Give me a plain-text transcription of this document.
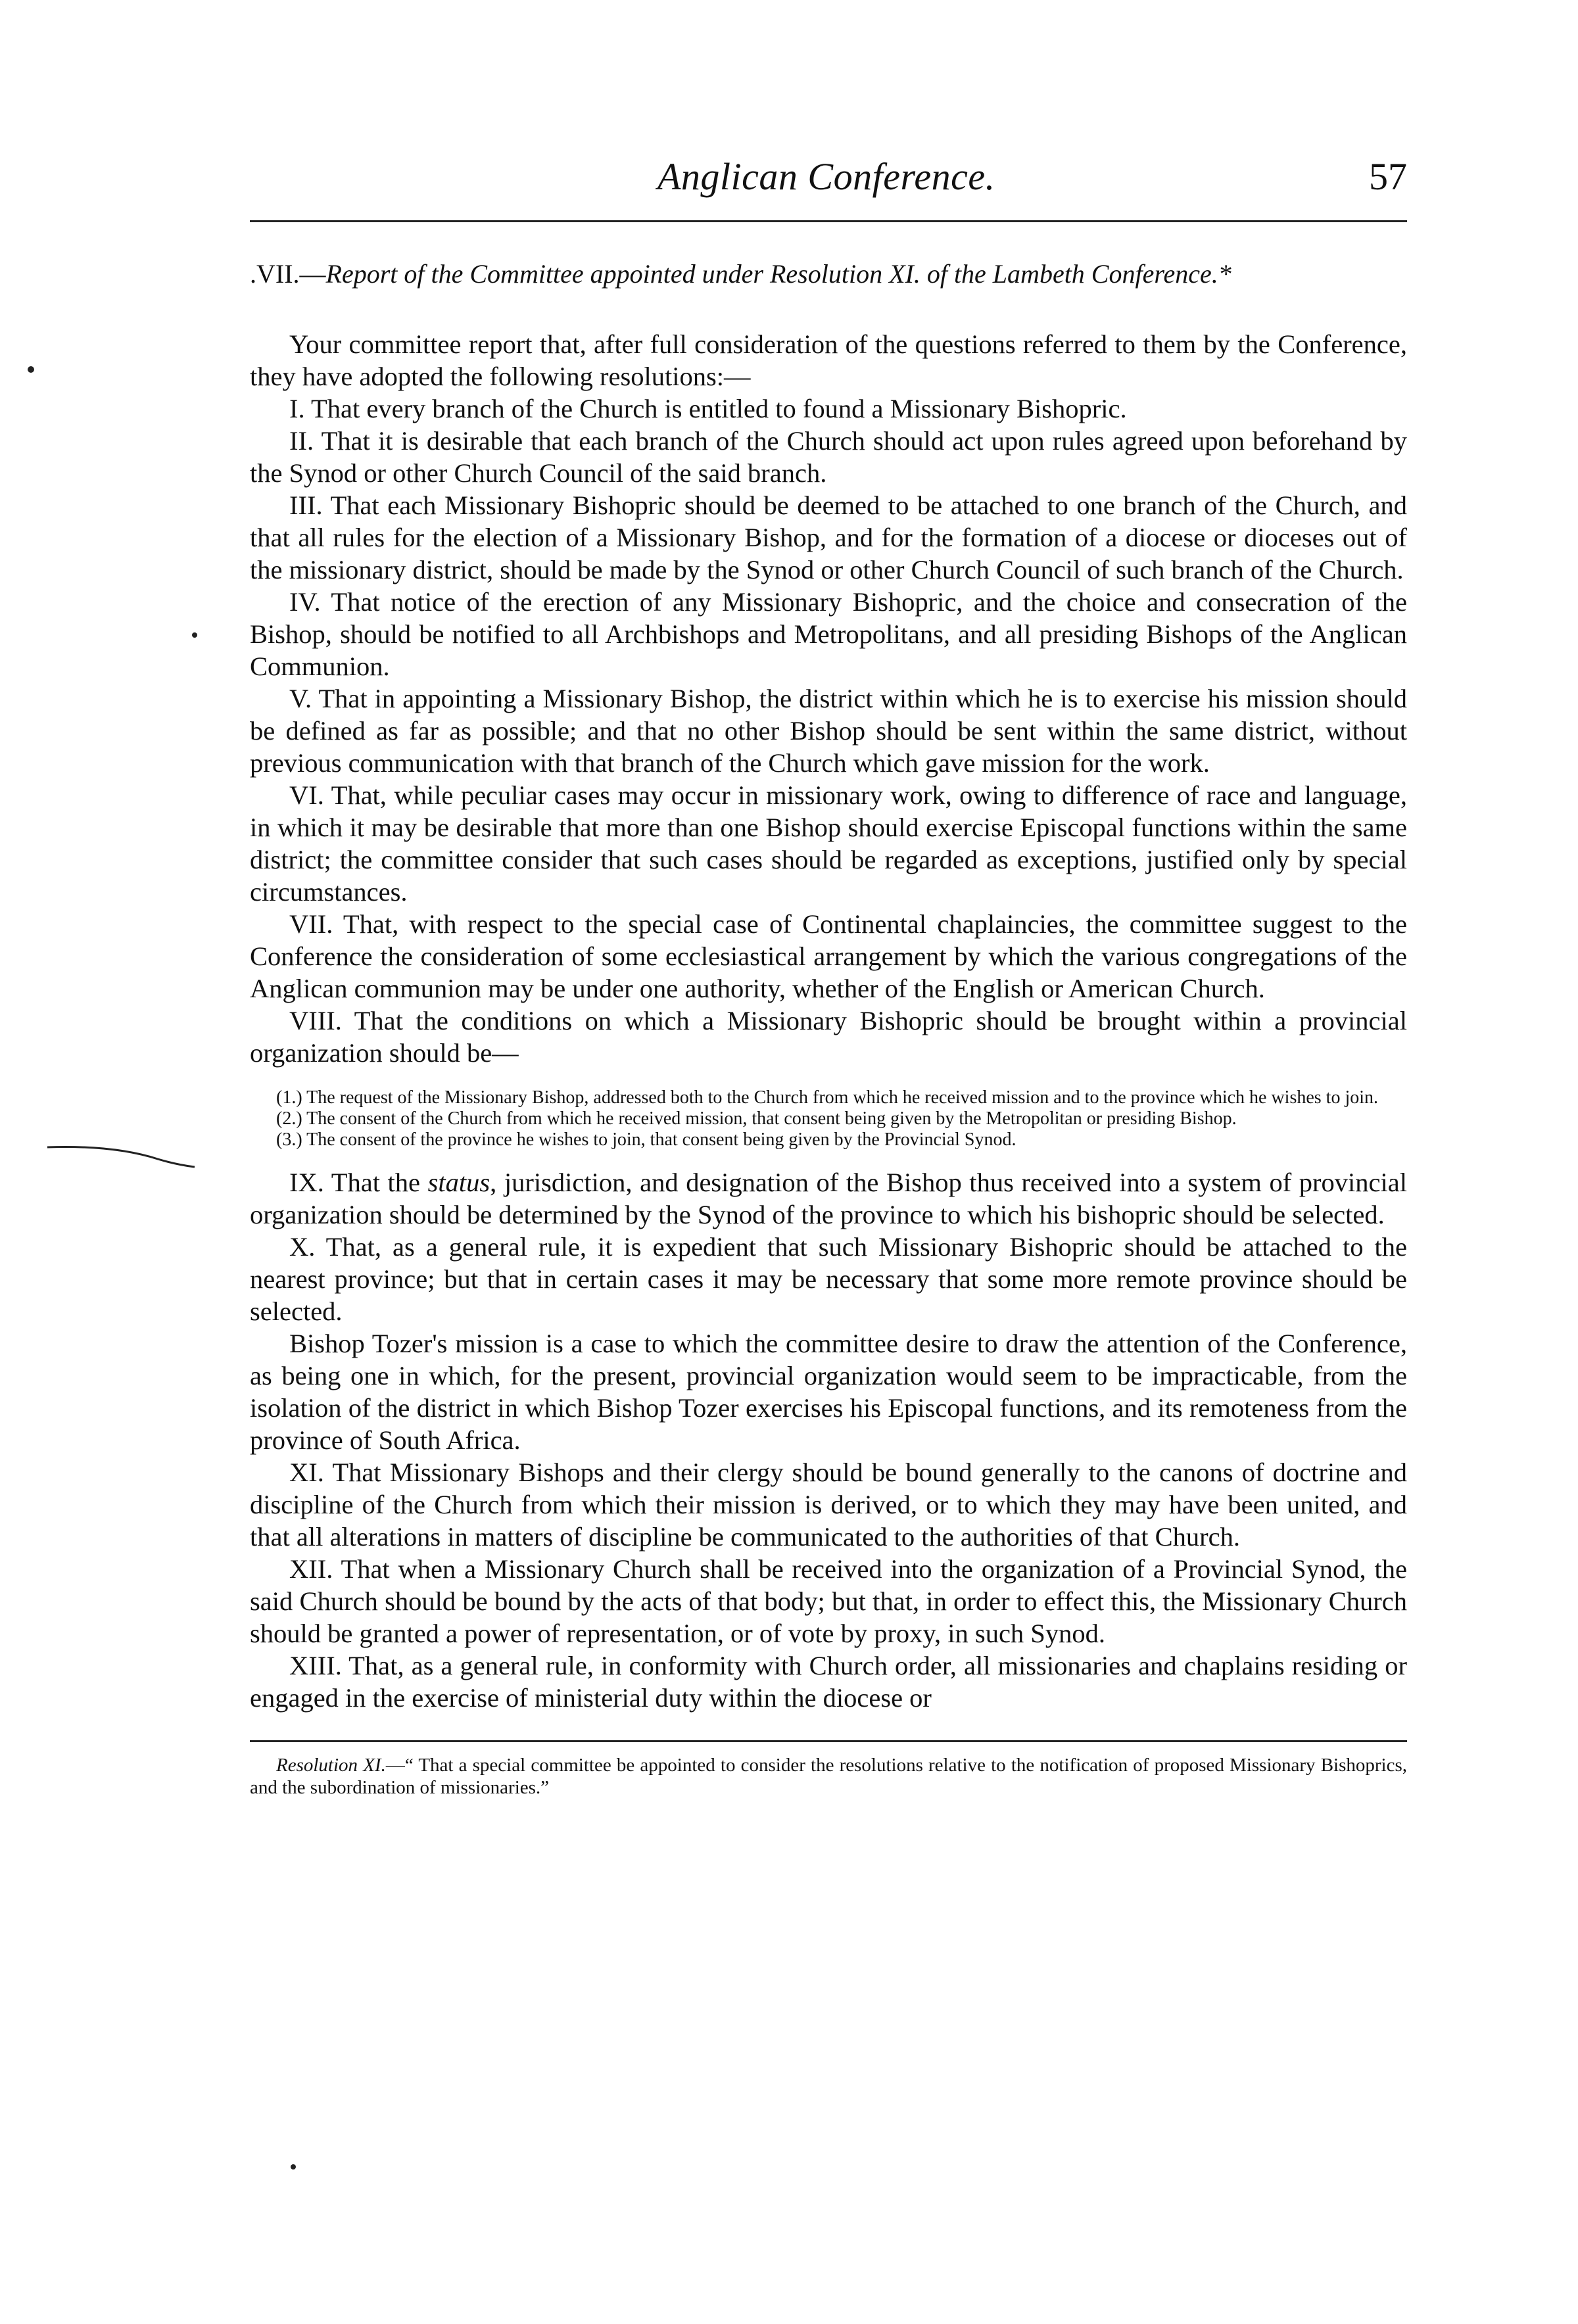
Anglican Conference.	57
.VII.—Report of the Committee appointed under Resolution XI. of the Lambeth Conference.*

Your committee report that, after full consideration of the questions referred to them by the Conference, they have adopted the following resolutions:—

I. That every branch of the Church is entitled to found a Missionary Bishopric.

II. That it is desirable that each branch of the Church should act upon rules agreed upon beforehand by the Synod or other Church Council of the said branch.

III. That each Missionary Bishopric should be deemed to be attached to one branch of the Church, and that all rules for the election of a Missionary Bishop, and for the formation of a diocese or dioceses out of the missionary district, should be made by the Synod or other Church Council of such branch of the Church.

IV. That notice of the erection of any Missionary Bishopric, and the choice and consecration of the Bishop, should be notified to all Archbishops and Metropolitans, and all presiding Bishops of the Anglican Communion.

V. That in appointing a Missionary Bishop, the district within which he is to exercise his mission should be defined as far as possible; and that no other Bishop should be sent within the same district, without previous communication with that branch of the Church which gave mission for the work.

VI. That, while peculiar cases may occur in missionary work, owing to difference of race and language, in which it may be desirable that more than one Bishop should exercise Episcopal functions within the same district; the committee consider that such cases should be regarded as exceptions, justified only by special circumstances.

VII. That, with respect to the special case of Continental chaplaincies, the committee suggest to the Conference the consideration of some ecclesiastical arrangement by which the various congregations of the Anglican communion may be under one authority, whether of the English or American Church.

VIII. That the conditions on which a Missionary Bishopric should be brought within a provincial organization should be—

(1.) The request of the Missionary Bishop, addressed both to the Church from which he received mission and to the province which he wishes to join.

(2.) The consent of the Church from which he received mission, that consent being given by the Metropolitan or presiding Bishop.

(3.) The consent of the province he wishes to join, that consent being given by the Provincial Synod.

IX. That the status, jurisdiction, and designation of the Bishop thus received into a system of provincial organization should be determined by the Synod of the province to which his bishopric should be selected.

X. That, as a general rule, it is expedient that such Missionary Bishopric should be attached to the nearest province; but that in certain cases it may be necessary that some more remote province should be selected.

Bishop Tozer's mission is a case to which the committee desire to draw the attention of the Conference, as being one in which, for the present, provincial organization would seem to be impracticable, from the isolation of the district in which Bishop Tozer exercises his Episcopal functions, and its remoteness from the province of South Africa.

XI. That Missionary Bishops and their clergy should be bound generally to the canons of doctrine and discipline of the Church from which their mission is derived, or to which they may have been united, and that all alterations in matters of discipline be communicated to the authorities of that Church.

XII. That when a Missionary Church shall be received into the organization of a Provincial Synod, the said Church should be bound by the acts of that body; but that, in order to effect this, the Missionary Church should be granted a power of representation, or of vote by proxy, in such Synod.

XIII. That, as a general rule, in conformity with Church order, all missionaries and chaplains residing or engaged in the exercise of ministerial duty within the diocese or

Resolution XI.—“ That a special committee be appointed to consider the resolutions relative to the notification of proposed Missionary Bishoprics, and the subordination of missionaries.”
